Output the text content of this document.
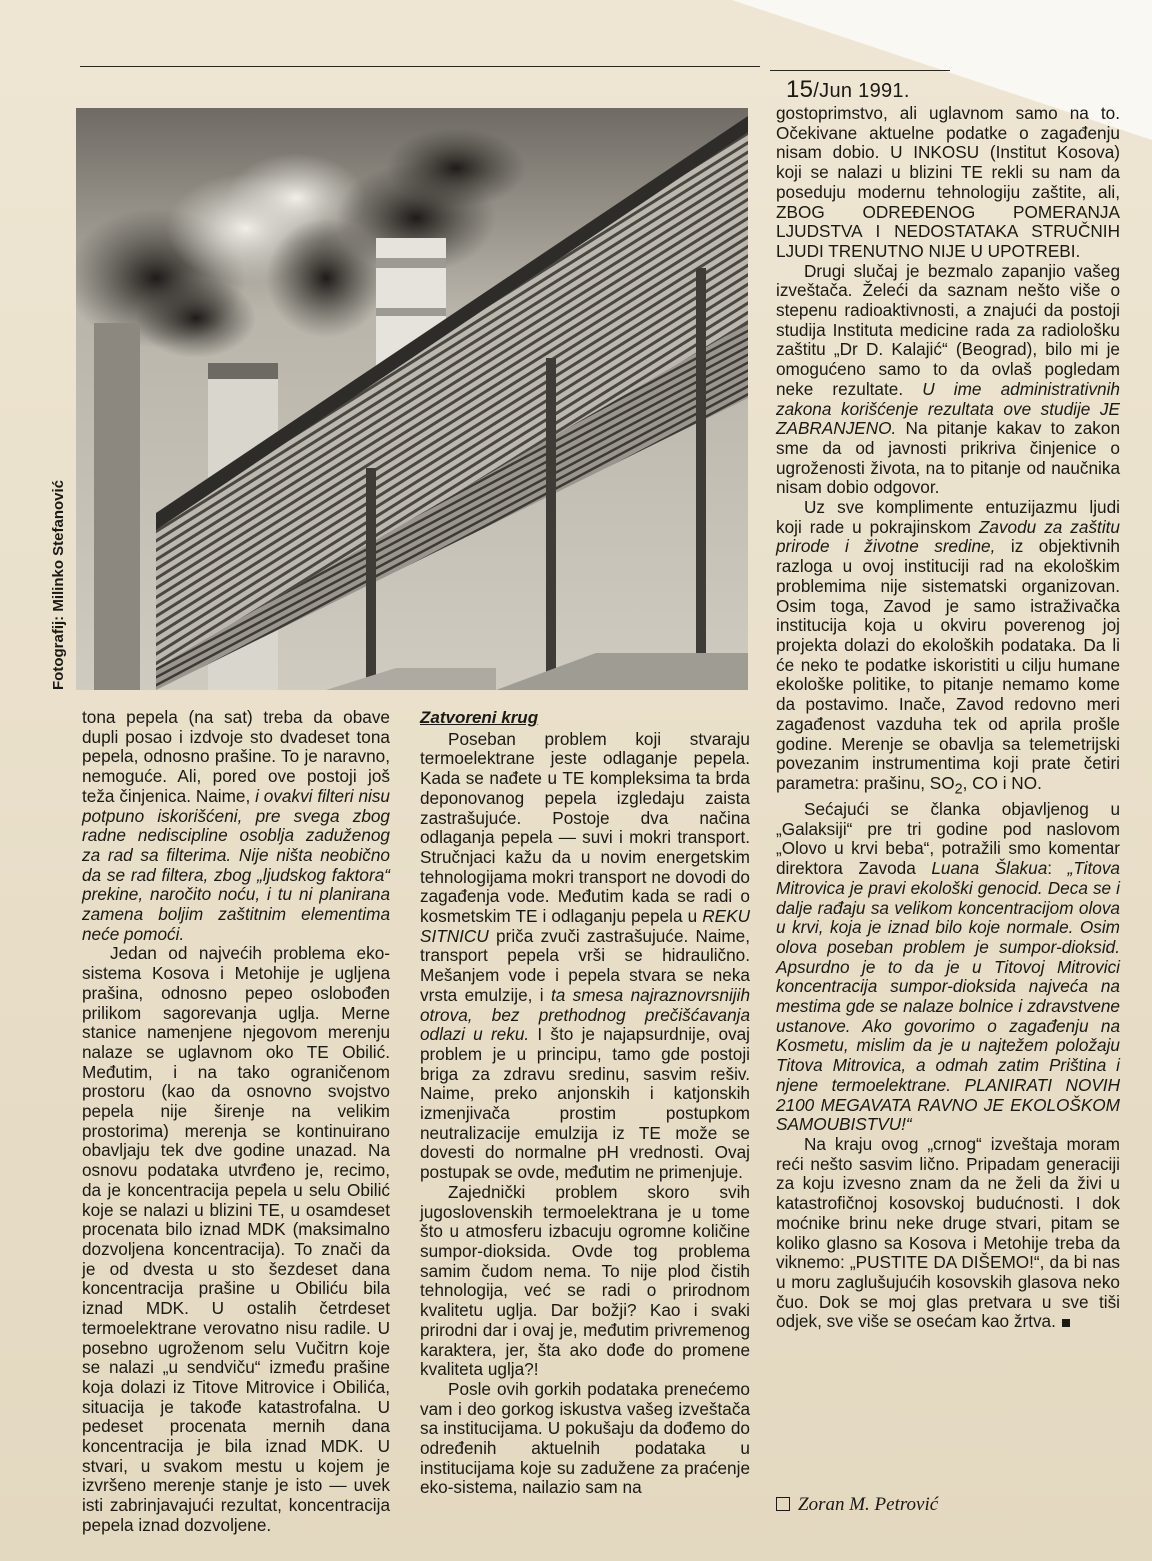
15/Jun 1991.
Fotografij: Milinko Stefanović

tona pepela (na sat) treba da obave dupli posao i izdvoje sto dvadeset tona pepela, odnosno prašine. To je naravno, nemoguće. Ali, pored ove postoji još teža činjenica. Naime, i ovakvi filteri nisu potpuno iskorišćeni, pre svega zbog radne nediscipline osoblja zaduženog za rad sa filterima. Nije ništa neobično da se rad filtera, zbog „ljudskog faktora“ prekine, naročito noću, i tu ni planirana zamena boljim zaštitnim elementima neće pomoći.

Jedan od najvećih problema eko-sistema Kosova i Metohije je ugljena prašina, odnosno pepeo oslobođen prilikom sagorevanja uglja. Merne stanice namenjene njegovom merenju nalaze se uglavnom oko TE Obilić. Međutim, i na tako ograničenom prostoru (kao da osnovno svojstvo pepela nije širenje na velikim prostorima) merenja se kontinuirano obavljaju tek dve godine unazad. Na osnovu podataka utvrđeno je, recimo, da je koncentracija pepela u selu Obilić koje se nalazi u blizini TE, u osamdeset procenata bilo iznad MDK (maksimalno dozvoljena koncentracija). To znači da je od dvesta u sto šezdeset dana koncentracija prašine u Obiliću bila iznad MDK. U ostalih četrdeset termoelektrane verovatno nisu radile. U posebno ugroženom selu Vučitrn koje se nalazi „u sendviču“ između prašine koja dolazi iz Titove Mitrovice i Obilića, situacija je takođe katastrofalna. U pedeset procenata mernih dana koncentracija je bila iznad MDK. U stvari, u svakom mestu u kojem je izvršeno merenje stanje je isto — uvek isti zabrinjavajući rezultat, koncentracija pepela iznad dozvoljene.

Zatvoreni krug

Poseban problem koji stvaraju termoelektrane jeste odlaganje pepela. Kada se nađete u TE kompleksima ta brda deponovanog pepela izgledaju zaista zastrašujuće. Postoje dva načina odlaganja pepela — suvi i mokri transport. Stručnjaci kažu da u novim energetskim tehnologijama mokri transport ne dovodi do zagađenja vode. Međutim kada se radi o kosmetskim TE i odlaganju pepela u REKU SITNICU priča zvuči zastrašujuće. Naime, transport pepela vrši se hidraulično. Mešanjem vode i pepela stvara se neka vrsta emulzije, i ta smesa najraznovrsnijih otrova, bez prethodnog prečišćavanja odlazi u reku. I što je najapsurdnije, ovaj problem je u principu, tamo gde postoji briga za zdravu sredinu, sasvim rešiv. Naime, preko anjonskih i katjonskih izmenjivača prostim postupkom neutralizacije emulzija iz TE može se dovesti do normalne pH vrednosti. Ovaj postupak se ovde, međutim ne primenjuje.

Zajednički problem skoro svih jugoslovenskih termoelektrana je u tome što u atmosferu izbacuju ogromne količine sumpor-dioksida. Ovde tog problema samim čudom nema. To nije plod čistih tehnologija, već se radi o prirodnom kvalitetu uglja. Dar božji? Kao i svaki prirodni dar i ovaj je, međutim privremenog karaktera, jer, šta ako dođe do promene kvaliteta uglja?!

Posle ovih gorkih podataka prenećemo vam i deo gorkog iskustva vašeg izveštača sa institucijama. U pokušaju da dođemo do određenih aktuelnih podataka u institucijama koje su zadužene za praćenje eko-sistema, nailazio sam na

gostoprimstvo, ali uglavnom samo na to. Očekivane aktuelne podatke o zagađenju nisam dobio. U INKOSU (Institut Kosova) koji se nalazi u blizini TE rekli su nam da poseduju modernu tehnologiju zaštite, ali, ZBOG ODREĐENOG POMERANJA LJUDSTVA I NEDOSTATAKA STRUČNIH LJUDI TRENUTNO NIJE U UPOTREBI.

Drugi slučaj je bezmalo zapanjio vašeg izveštača. Želeći da saznam nešto više o stepenu radioaktivnosti, a znajući da postoji studija Instituta medicine rada za radiološku zaštitu „Dr D. Kalajić“ (Beograd), bilo mi je omogućeno samo to da ovlaš pogledam neke rezultate. U ime administrativnih zakona korišćenje rezultata ove studije JE ZABRANJENO. Na pitanje kakav to zakon sme da od javnosti prikriva činjenice o ugroženosti života, na to pitanje od naučnika nisam dobio odgovor.

Uz sve komplimente entuzijazmu ljudi koji rade u pokrajinskom Zavodu za zaštitu prirode i životne sredine, iz objektivnih razloga u ovoj instituciji rad na ekološkim problemima nije sistematski organizovan. Osim toga, Zavod je samo istraživačka institucija koja u okviru poverenog joj projekta dolazi do ekoloških podataka. Da li će neko te podatke iskoristiti u cilju humane ekološke politike, to pitanje nemamo kome da postavimo. Inače, Zavod redovno meri zagađenost vazduha tek od aprila prošle godine. Merenje se obavlja sa telemetrijski povezanim instrumentima koji prate četiri parametra: prašinu, $SO_2$, CO i NO.

Sećajući se članka objavljenog u „Galaksiji“ pre tri godine pod naslovom „Olovo u krvi beba“, potražili smo komentar direktora Zavoda Luana Šlakua: „Titova Mitrovica je pravi ekološki genocid. Deca se i dalje rađaju sa velikom koncentracijom olova u krvi, koja je iznad bilo koje normale. Osim olova poseban problem je sumpor-dioksid. Apsurdno je to da je u Titovoj Mitrovici koncentracija sumpor-dioksida najveća na mestima gde se nalaze bolnice i zdravstvene ustanove. Ako govorimo o zagađenju na Kosmetu, mislim da je u najtežem položaju Titova Mitrovica, a odmah zatim Priština i njene termoelektrane. PLANIRATI NOVIH 2100 MEGAVATA RAVNO JE EKOLOŠKOM SAMOUBISTVU!“

Na kraju ovog „crnog“ izveštaja moram reći nešto sasvim lično. Pripadam generaciji za koju izvesno znam da ne želi da živi u katastrofičnoj kosovskoj budućnosti. I dok moćnike brinu neke druge stvari, pitam se koliko glasno sa Kosova i Metohije treba da viknemo: „PUSTITE DA DIŠEMO!“, da bi nas u moru zaglušujućih kosovskih glasova neko čuo. Dok se moj glas pretvara u sve tiši odjek, sve više se osećam kao žrtva.

Zoran M. Petrović
